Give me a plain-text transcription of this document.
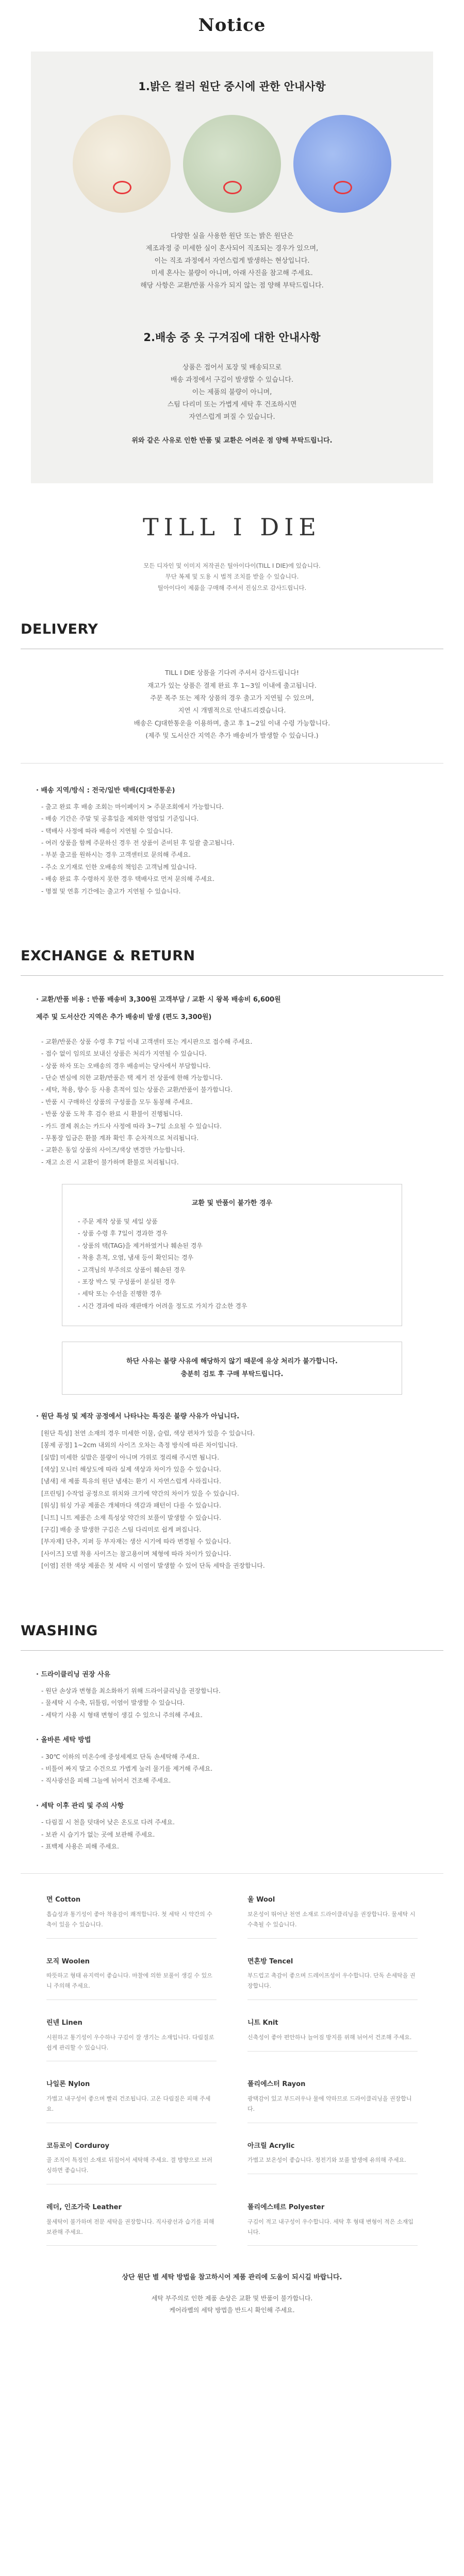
Notice
1.밝은 컬러 원단 중시에 관한 안내사항

다양한 실을 사용한 원단 또는 밝은 원단은

제조과정 중 미세한 실이 혼사되어 직조되는 경우가 있으며,

이는 직조 과정에서 자연스럽게 발생하는 현상입니다.

미세 혼사는 불량이 아니며, 아래 사진을 참고해 주세요.

해당 사항은 교환/반품 사유가 되지 않는 점 양해 부탁드립니다.

2.배송 중 옷 구겨짐에 대한 안내사항

상품은 접어서 포장 및 배송되므로

배송 과정에서 구김이 발생할 수 있습니다.

이는 제품의 불량이 아니며,

스팀 다리미 또는 가볍게 세탁 후 건조하시면

자연스럽게 펴질 수 있습니다.

위와 같은 사유로 인한 반품 및 교환은 어려운 점 양해 부탁드립니다.

TILL I DIE

모든 디자인 및 이미지 저작권은 틸아이다이(TILL I DIE)에 있습니다.

무단 복제 및 도용 시 법적 조치를 받을 수 있습니다.

틸아이다이 제품을 구매해 주셔서 진심으로 감사드립니다.

DELIVERY

TILL I DIE 상품을 기다려 주셔서 감사드립니다!

재고가 있는 상품은 결제 완료 후 1~3일 이내에 출고됩니다.

주문 폭주 또는 제작 상품의 경우 출고가 지연될 수 있으며,

지연 시 개별적으로 안내드리겠습니다.

배송은 CJ대한통운을 이용하며, 출고 후 1~2일 이내 수령 가능합니다.

(제주 및 도서산간 지역은 추가 배송비가 발생할 수 있습니다.)

· 배송 지역/방식 : 전국/일반 택배(CJ대한통운)

- 출고 완료 후 배송 조회는 마이페이지 > 주문조회에서 가능합니다.

- 배송 기간은 주말 및 공휴일을 제외한 영업일 기준입니다.

- 택배사 사정에 따라 배송이 지연될 수 있습니다.

- 여러 상품을 함께 주문하신 경우 전 상품이 준비된 후 일괄 출고됩니다.

- 부분 출고를 원하시는 경우 고객센터로 문의해 주세요.

- 주소 오기재로 인한 오배송의 책임은 고객님께 있습니다.

- 배송 완료 후 수령하지 못한 경우 택배사로 먼저 문의해 주세요.

- 명절 및 연휴 기간에는 출고가 지연될 수 있습니다.

EXCHANGE & RETURN

· 교환/반품 비용 : 반품 배송비 3,300원 고객부담 / 교환 시 왕복 배송비 6,600원

제주 및 도서산간 지역은 추가 배송비 발생 (편도 3,300원)

- 교환/반품은 상품 수령 후 7일 이내 고객센터 또는 게시판으로 접수해 주세요.

- 접수 없이 임의로 보내신 상품은 처리가 지연될 수 있습니다.

- 상품 하자 또는 오배송의 경우 배송비는 당사에서 부담합니다.

- 단순 변심에 의한 교환/반품은 택 제거 전 상품에 한해 가능합니다.

- 세탁, 착용, 향수 등 사용 흔적이 있는 상품은 교환/반품이 불가합니다.

- 반품 시 구매하신 상품의 구성품을 모두 동봉해 주세요.

- 반품 상품 도착 후 검수 완료 시 환불이 진행됩니다.

- 카드 결제 취소는 카드사 사정에 따라 3~7일 소요될 수 있습니다.

- 무통장 입금은 환불 계좌 확인 후 순차적으로 처리됩니다.

- 교환은 동일 상품의 사이즈/색상 변경만 가능합니다.

- 재고 소진 시 교환이 불가하며 환불로 처리됩니다.

교환 및 반품이 불가한 경우

- 주문 제작 상품 및 세일 상품

- 상품 수령 후 7일이 경과한 경우

- 상품의 택(TAG)을 제거하였거나 훼손된 경우

- 착용 흔적, 오염, 냄새 등이 확인되는 경우

- 고객님의 부주의로 상품이 훼손된 경우

- 포장 박스 및 구성품이 분실된 경우

- 세탁 또는 수선을 진행한 경우

- 시간 경과에 따라 재판매가 어려울 정도로 가치가 감소한 경우

하단 사유는 불량 사유에 해당하지 않기 때문에 유상 처리가 불가합니다.

충분히 검토 후 구매 부탁드립니다.

· 원단 특성 및 제작 공정에서 나타나는 특징은 불량 사유가 아닙니다.

[원단 특성] 천연 소재의 경우 미세한 이물, 슬럽, 색상 편차가 있을 수 있습니다.

[봉제 공정] 1~2cm 내외의 사이즈 오차는 측정 방식에 따른 차이입니다.

[실밥] 미세한 실밥은 불량이 아니며 가위로 정리해 주시면 됩니다.

[색상] 모니터 해상도에 따라 실제 색상과 차이가 있을 수 있습니다.

[냄새] 새 제품 특유의 원단 냄새는 환기 시 자연스럽게 사라집니다.

[프린팅] 수작업 공정으로 위치와 크기에 약간의 차이가 있을 수 있습니다.

[워싱] 워싱 가공 제품은 개체마다 색감과 패턴이 다를 수 있습니다.

[니트] 니트 제품은 소재 특성상 약간의 보풀이 발생할 수 있습니다.

[구김] 배송 중 발생한 구김은 스팀 다리미로 쉽게 펴집니다.

[부자재] 단추, 지퍼 등 부자재는 생산 시기에 따라 변경될 수 있습니다.

[사이즈] 모델 착용 사이즈는 참고용이며 체형에 따라 차이가 있습니다.

[이염] 진한 색상 제품은 첫 세탁 시 이염이 발생할 수 있어 단독 세탁을 권장합니다.

WASHING
· 드라이클리닝 권장 사유

- 원단 손상과 변형을 최소화하기 위해 드라이클리닝을 권장합니다.

- 물세탁 시 수축, 뒤틀림, 이염이 발생할 수 있습니다.

- 세탁기 사용 시 형태 변형이 생길 수 있으니 주의해 주세요.

· 올바른 세탁 방법

- 30℃ 이하의 미온수에 중성세제로 단독 손세탁해 주세요.

- 비틀어 짜지 말고 수건으로 가볍게 눌러 물기를 제거해 주세요.

- 직사광선을 피해 그늘에 뉘어서 건조해 주세요.

· 세탁 이후 관리 및 주의 사항

- 다림질 시 천을 덧대어 낮은 온도로 다려 주세요.

- 보관 시 습기가 없는 곳에 보관해 주세요.

- 표백제 사용은 피해 주세요.

면 Cotton
흡습성과 통기성이 좋아 착용감이 쾌적합니다. 첫 세탁 시 약간의 수축이 있을 수 있습니다.
울 Wool
보온성이 뛰어난 천연 소재로 드라이클리닝을 권장합니다. 물세탁 시 수축될 수 있습니다.
모직 Woolen
따뜻하고 형태 유지력이 좋습니다. 마찰에 의한 보풀이 생길 수 있으니 주의해 주세요.
면혼방 Tencel
부드럽고 촉감이 좋으며 드레이프성이 우수합니다. 단독 손세탁을 권장합니다.
린넨 Linen
시원하고 통기성이 우수하나 구김이 잘 생기는 소재입니다. 다림질로 쉽게 관리할 수 있습니다.
니트 Knit
신축성이 좋아 편안하나 늘어짐 방지를 위해 뉘어서 건조해 주세요.
나일론 Nylon
가볍고 내구성이 좋으며 빨리 건조됩니다. 고온 다림질은 피해 주세요.
폴리에스터 Rayon
광택감이 있고 부드러우나 물에 약하므로 드라이클리닝을 권장합니다.
코듀로이 Corduroy
골 조직이 특징인 소재로 뒤집어서 세탁해 주세요. 결 방향으로 브러싱하면 좋습니다.
아크릴 Acrylic
가볍고 보온성이 좋습니다. 정전기와 보풀 발생에 유의해 주세요.
레더, 인조가죽 Leather
물세탁이 불가하며 전문 세탁을 권장합니다. 직사광선과 습기를 피해 보관해 주세요.
폴리에스테르 Polyester
구김이 적고 내구성이 우수합니다. 세탁 후 형태 변형이 적은 소재입니다.

상단 원단 별 세탁 방법을 참고하시어 제품 관리에 도움이 되시길 바랍니다.

세탁 부주의로 인한 제품 손상은 교환 및 반품이 불가합니다.

케어라벨의 세탁 방법을 반드시 확인해 주세요.
